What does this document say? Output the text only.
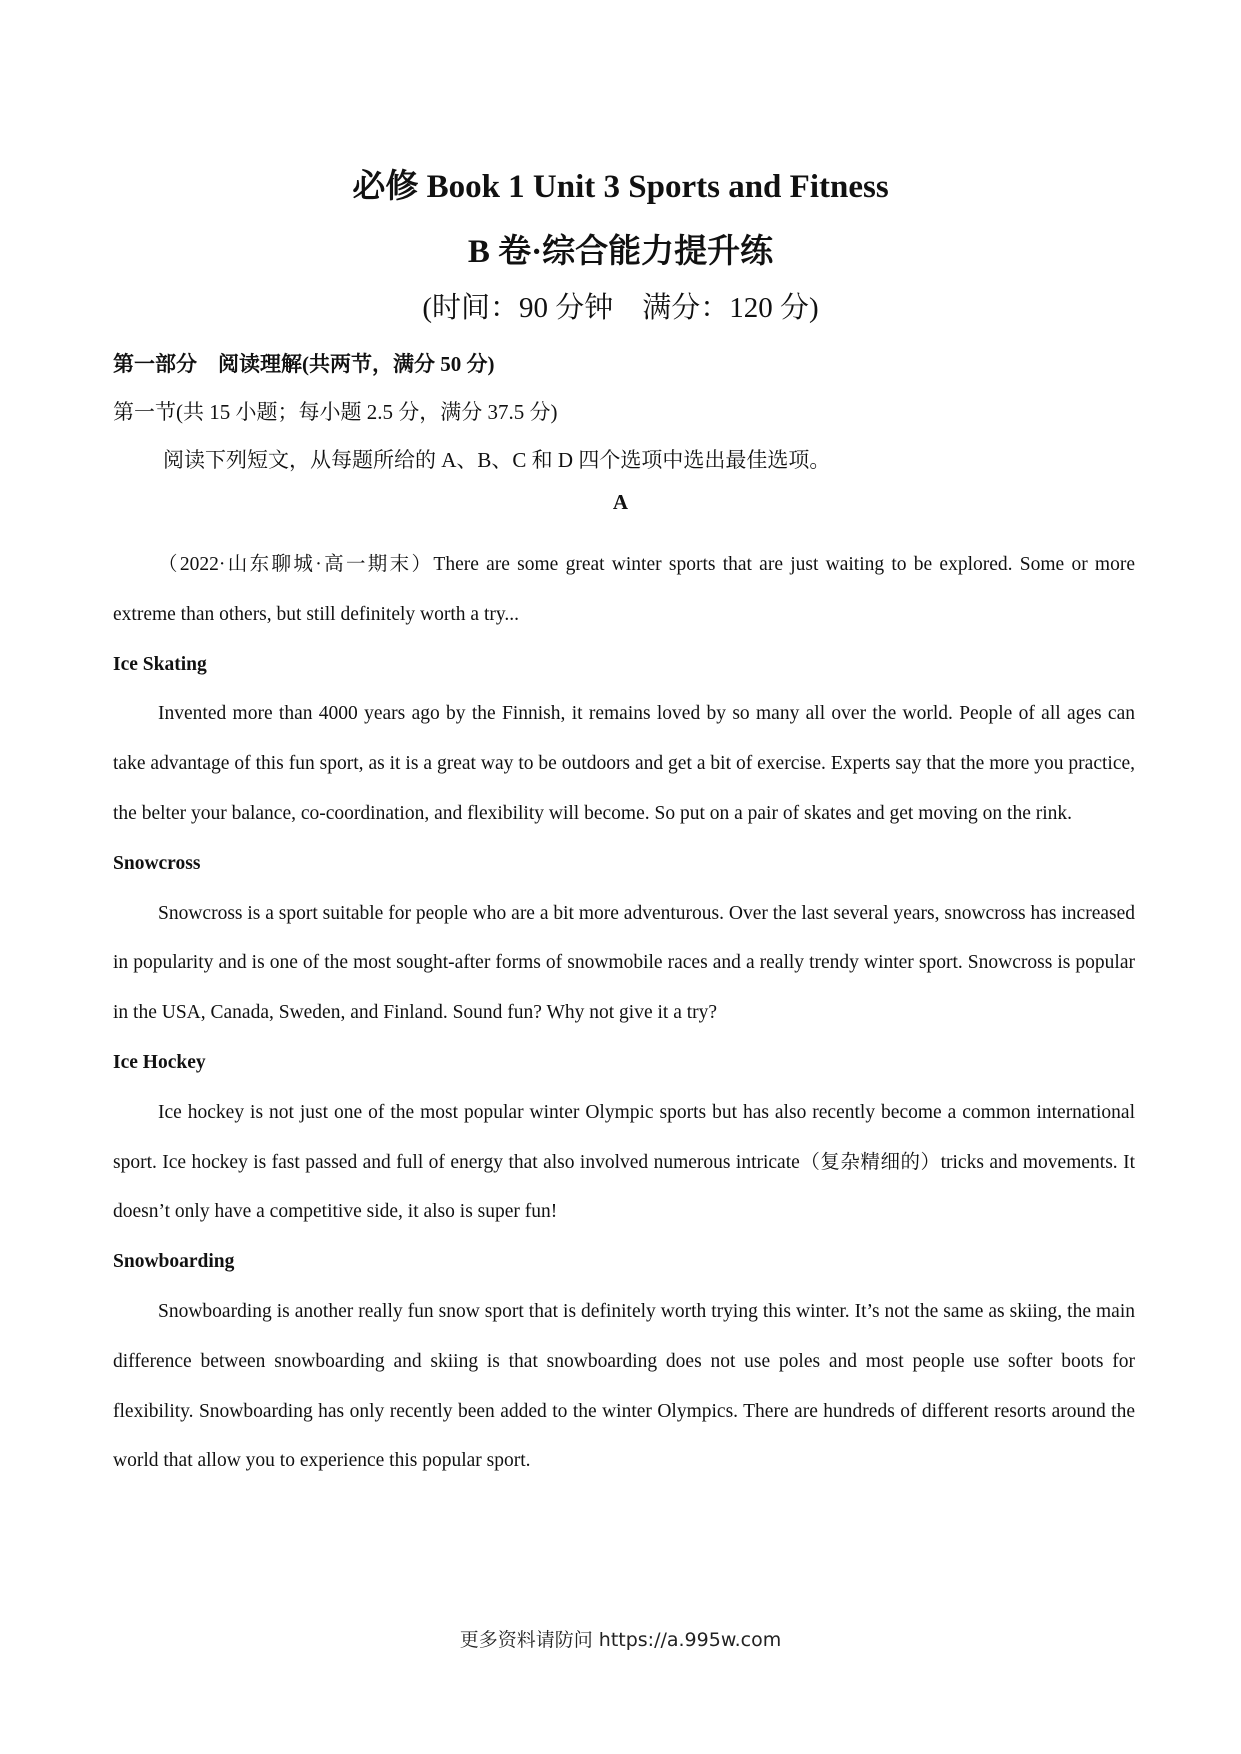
必修 Book 1 Unit 3 Sports and Fitness
B 卷·综合能力提升练
(时间：90 分钟　满分：120 分)
第一部分　阅读理解(共两节，满分 50 分)
第一节(共 15 小题；每小题 2.5 分，满分 37.5 分)
阅读下列短文，从每题所给的 A、B、C 和 D 四个选项中选出最佳选项。
A

（2022·山东聊城·高一期末）There are some great winter sports that are just waiting to be explored. Some or more extreme than others, but still definitely worth a try...

Ice Skating

Invented more than 4000 years ago by the Finnish, it remains loved by so many all over the world. People of all ages can take advantage of this fun sport, as it is a great way to be outdoors and get a bit of exercise. Experts say that the more you practice, the belter your balance, co-coordination, and flexibility will become. So put on a pair of skates and get moving on the rink.

Snowcross

Snowcross is a sport suitable for people who are a bit more adventurous. Over the last several years, snowcross has increased in popularity and is one of the most sought-after forms of snowmobile races and a really trendy winter sport. Snowcross is popular in the USA, Canada, Sweden, and Finland. Sound fun? Why not give it a try?

Ice Hockey

Ice hockey is not just one of the most popular winter Olympic sports but has also recently become a common international sport. Ice hockey is fast passed and full of energy that also involved numerous intricate（复杂精细的）tricks and movements. It doesn’t only have a competitive side, it also is super fun!

Snowboarding

Snowboarding is another really fun snow sport that is definitely worth trying this winter. It’s not the same as skiing, the main difference between snowboarding and skiing is that snowboarding does not use poles and most people use softer boots for flexibility. Snowboarding has only recently been added to the winter Olympics. There are hundreds of different resorts around the world that allow you to experience this popular sport.

更多资料请防问 https://a.995w.com
